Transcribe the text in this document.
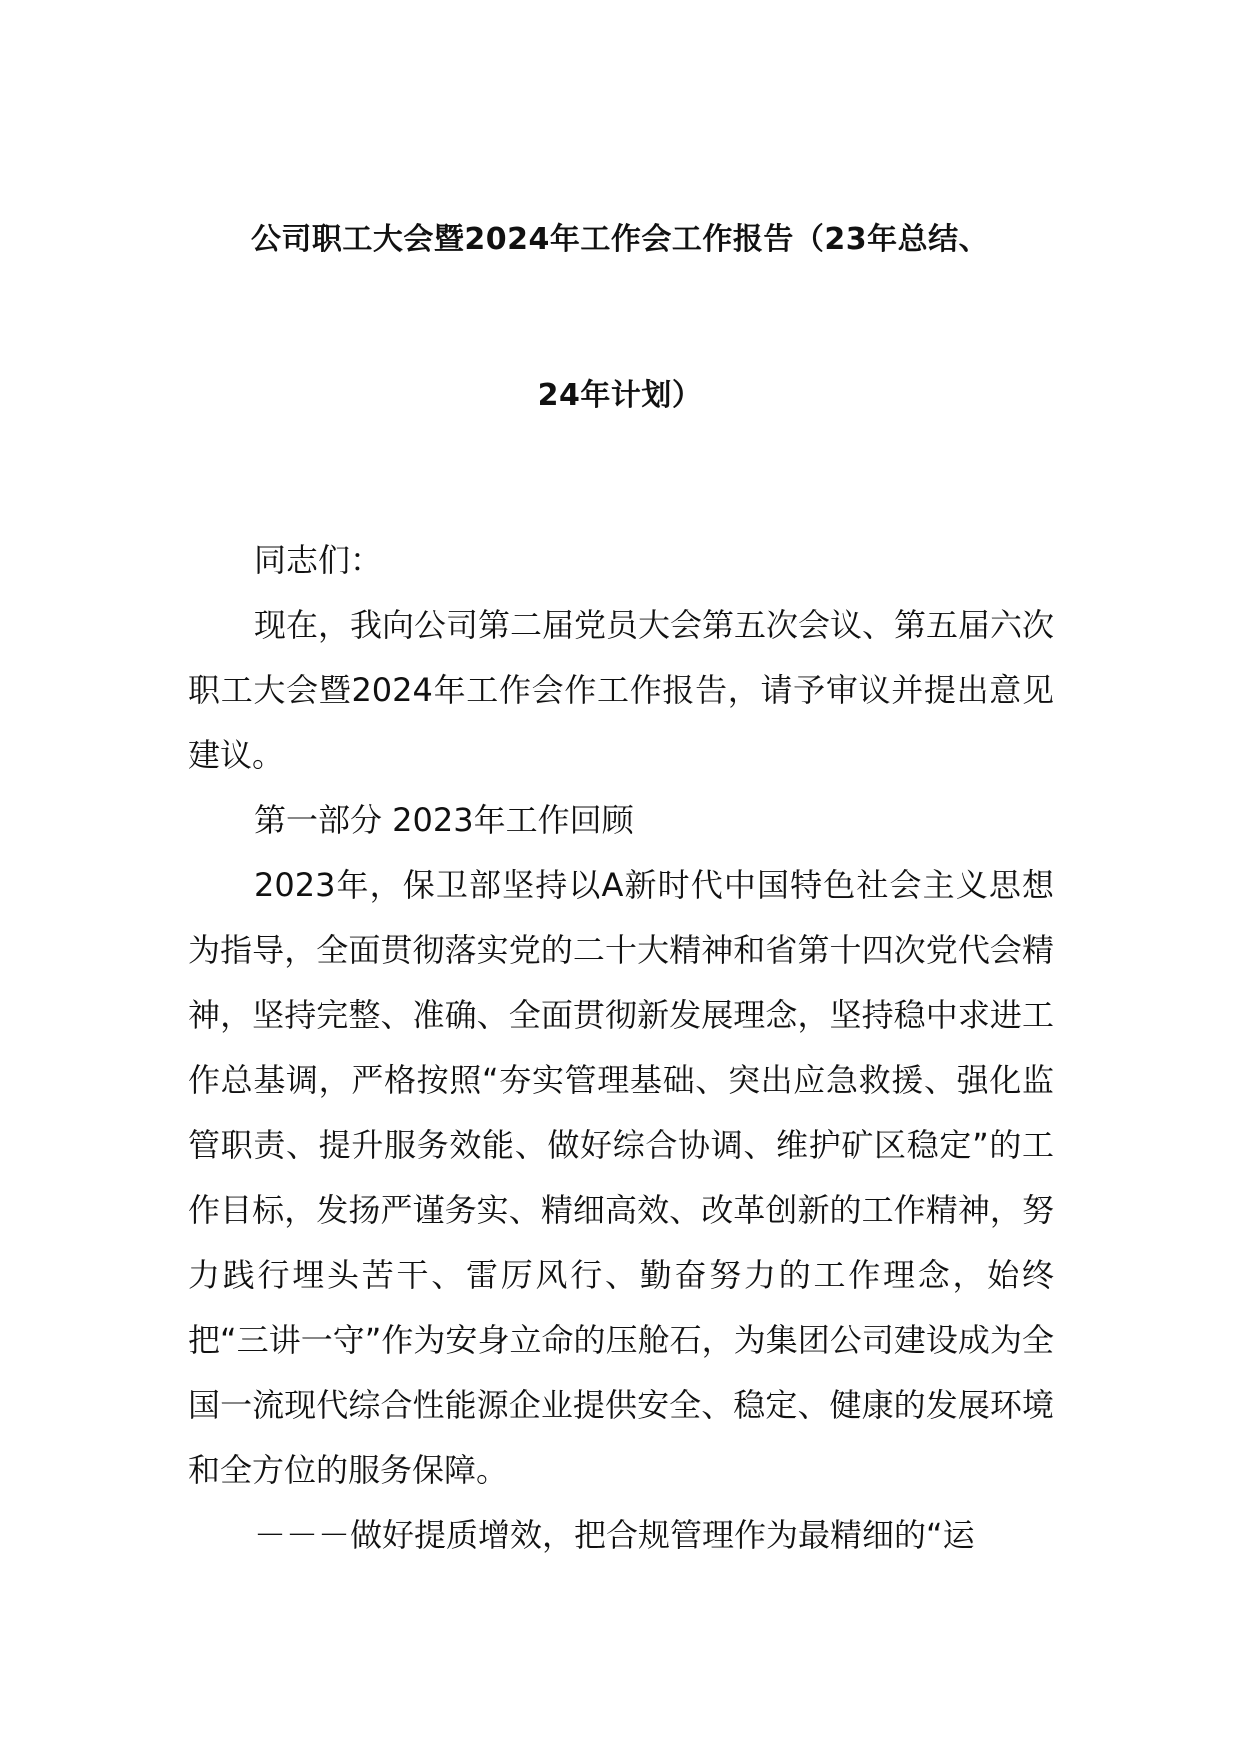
公司职工大会暨2024年工作会工作报告（23年总结、
24年计划）

同志们：

现在，我向公司第二届党员大会第五次会议、第五届六次职工大会暨2024年工作会作工作报告，请予审议并提出意见建议。

第一部分 2023年工作回顾

2023年，保卫部坚持以A新时代中国特色社会主义思想为指导，全面贯彻落实党的二十大精神和省第十四次党代会精神，坚持完整、准确、全面贯彻新发展理念，坚持稳中求进工作总基调，严格按照“夯实管理基础、突出应急救援、强化监管职责、提升服务效能、做好综合协调、维护矿区稳定”的工作目标，发扬严谨务实、精细高效、改革创新的工作精神，努力践行埋头苦干、雷厉风行、勤奋努力的工作理念，始终把“三讲一守”作为安身立命的压舱石，为集团公司建设成为全国一流现代综合性能源企业提供安全、稳定、健康的发展环境和全方位的服务保障。

－－－做好提质增效，把合规管理作为最精细的“运
